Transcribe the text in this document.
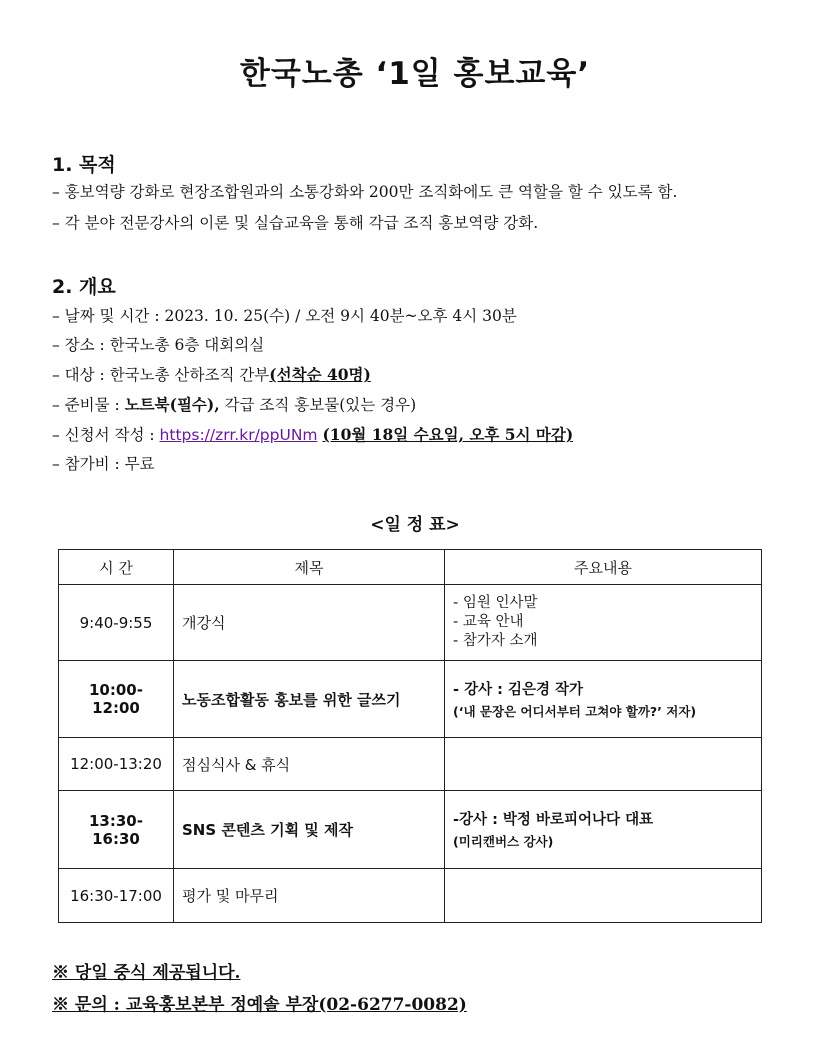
한국노총 ‘1일 홍보교육’
1. 목적
– 홍보역량 강화로 현장조합원과의 소통강화와 200만 조직화에도 큰 역할을 할 수 있도록 함.
– 각 분야 전문강사의 이론 및 실습교육을 통해 각급 조직 홍보역량 강화.
2. 개요
– 날짜 및 시간 : 2023. 10. 25(수) / 오전 9시 40분~오후 4시 30분
– 장소 : 한국노총 6층 대회의실
– 대상 : 한국노총 산하조직 간부(선착순 40명)
– 준비물 : 노트북(필수), 각급 조직 홍보물(있는 경우)
– 신청서 작성 : https://zrr.kr/ppUNm (10월 18일 수요일, 오후 5시 마감)
– 참가비 : 무료
<일 정 표>
시 간	제목	주요내용
9:40-9:55	개강식	- 임원 인사말
- 교육 안내
- 참가자 소개

10:00-12:00	노동조합활동 홍보를 위한 글쓰기	- 강사 : 김은경 작가
(‘내 문장은 어디서부터 고쳐야 할까?’ 저자)

12:00-13:20	점심식사 & 휴식	
13:30-16:30	SNS 콘텐츠 기획 및 제작	-강사 : 박정 바로피어나다 대표
(미리캔버스 강사)

16:30-17:00	평가 및 마무리	
※ 당일 중식 제공됩니다.
※ 문의 : 교육홍보본부 정예솔 부장(02-6277-0082)
